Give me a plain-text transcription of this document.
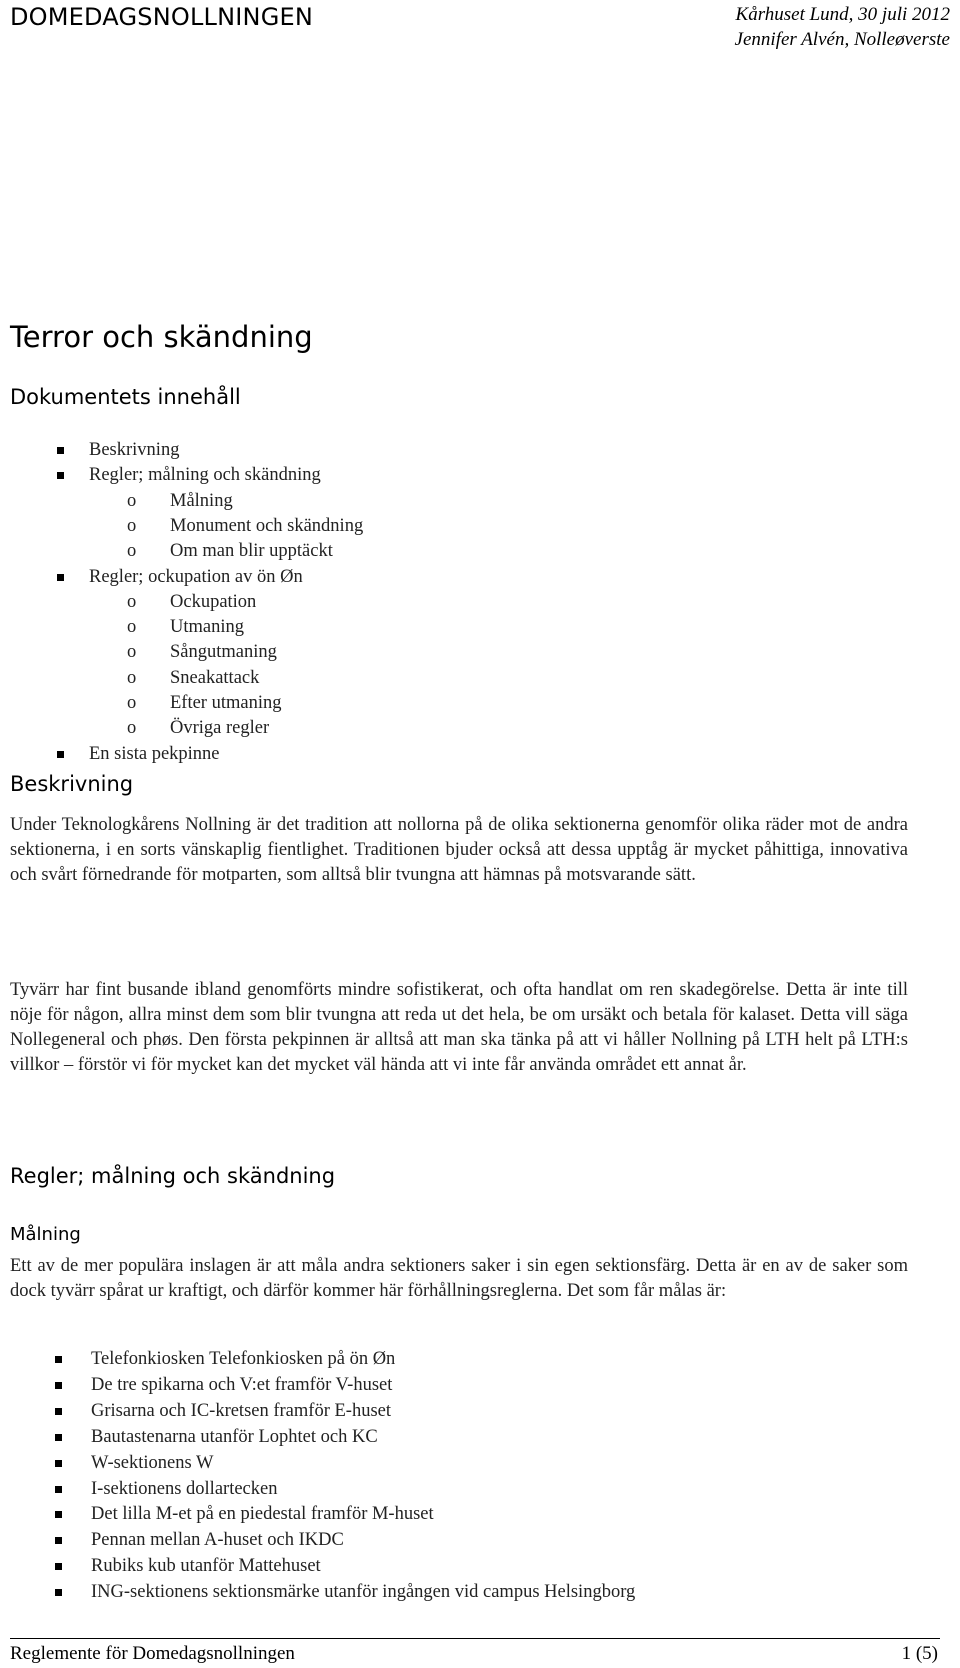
DOMEDAGSNOLLNINGEN	Kårhuset Lund, 30 juli 2012
Jennifer Alvén, Nolleøverste
Terror och skändning
Dokumentets innehåll
Beskrivning
Regler; målning och skändning
o Målning
o Monument och skändning
o Om man blir upptäckt
Regler; ockupation av ön Øn
o Ockupation
o Utmaning
o Sångutmaning
o Sneakattack
o Efter utmaning
o Övriga regler
En sista pekpinne
Beskrivning

Under Teknologkårens Nollning är det tradition att nollorna på de olika sektionerna genomför olika räder mot de andra sektionerna, i en sorts vänskaplig fientlighet. Traditionen bjuder också att dessa upptåg är mycket påhittiga, innovativa och svårt förnedrande för motparten, som alltså blir tvungna att hämnas på motsvarande sätt.

Tyvärr har fint busande ibland genomförts mindre sofistikerat, och ofta handlat om ren skadegörelse. Detta är inte till nöje för någon, allra minst dem som blir tvungna att reda ut det hela, be om ursäkt och betala för kalaset. Detta vill säga Nollegeneral och phøs. Den första pekpinnen är alltså att man ska tänka på att vi håller Nollning på LTH helt på LTH:s villkor – förstör vi för mycket kan det mycket väl hända att vi inte får använda området ett annat år.

Regler; målning och skändning
Målning

Ett av de mer populära inslagen är att måla andra sektioners saker i sin egen sektionsfärg. Detta är en av de saker som dock tyvärr spårat ur kraftigt, och därför kommer här förhållningsreglerna. Det som får målas är:

Telefonkiosken Telefonkiosken på ön Øn
De tre spikarna och V:et framför V-huset
Grisarna och IC-kretsen framför E-huset
Bautastenarna utanför Lophtet och KC
W-sektionens W
I-sektionens dollartecken
Det lilla M-et på en piedestal framför M-huset
Pennan mellan A-huset och IKDC
Rubiks kub utanför Mattehuset
ING-sektionens sektionsmärke utanför ingången vid campus Helsingborg
Reglemente för Domedagsnollningen	1 (5)
